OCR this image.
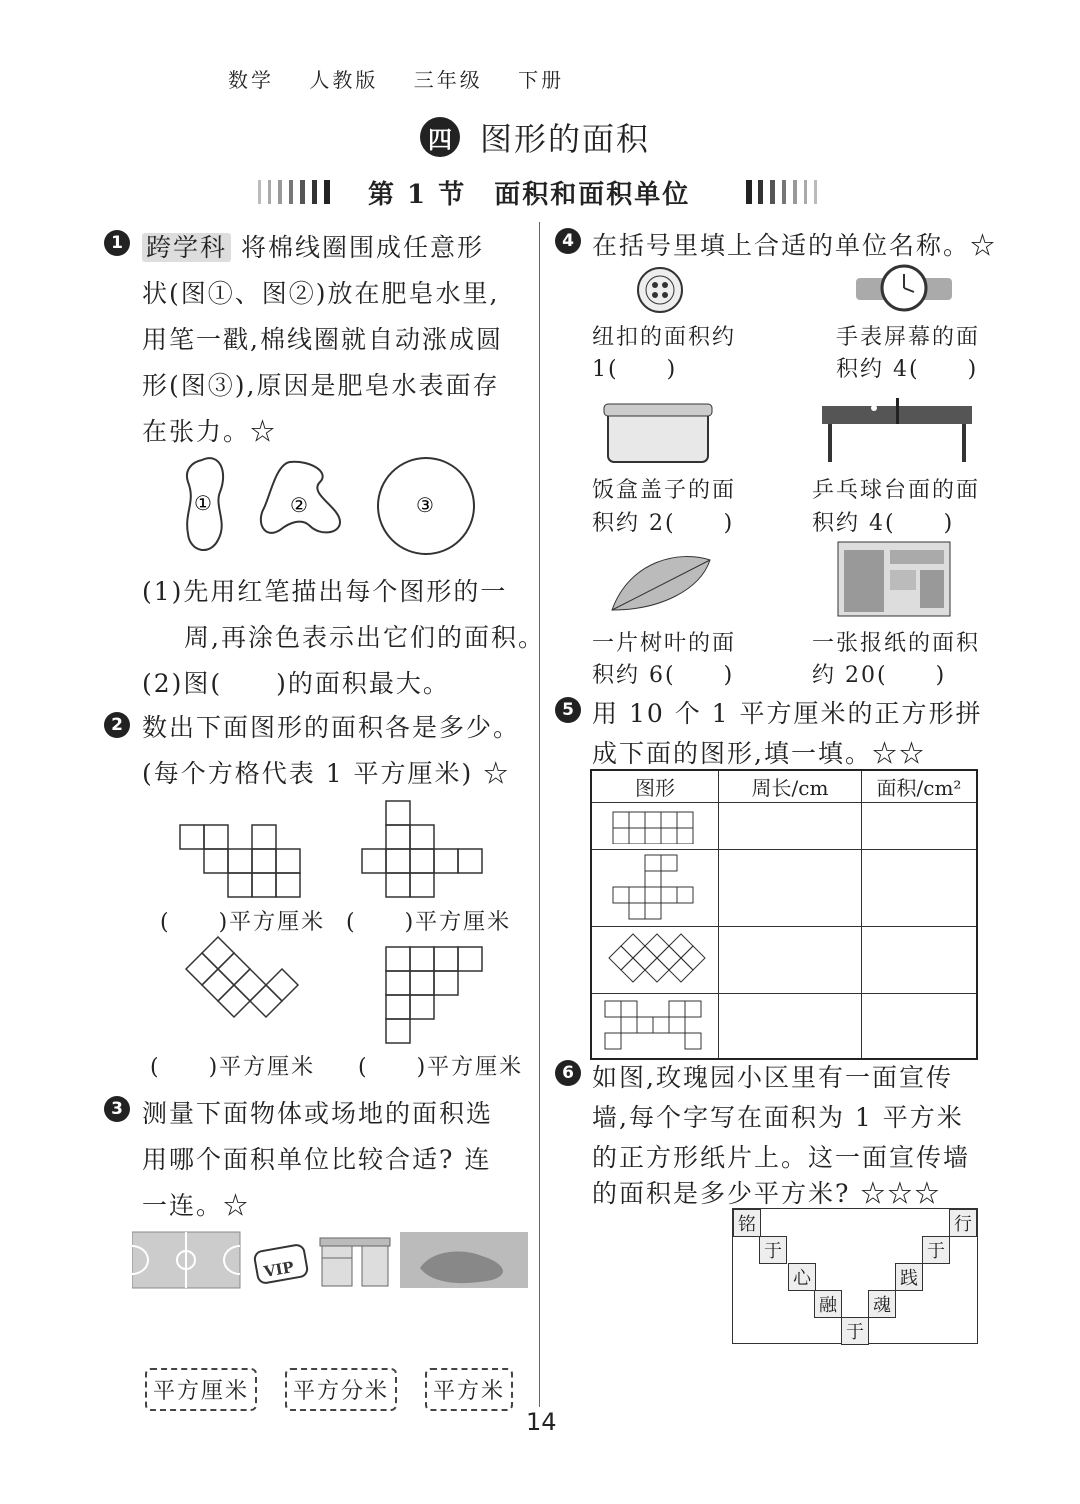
数学 人教版 三年级 下册
四 图形的面积
第 1 节　面积和面积单位
1 跨学科 将棉线圈围成任意形
状(图①、图②)放在肥皂水里,
用笔一戳,棉线圈就自动涨成圆
形(图③),原因是肥皂水表面存
在张力。☆
①	②	③
(1)先用红笔描出每个图形的一
周,再涂色表示出它们的面积。
(2)图(　　)的面积最大。
2 数出下面图形的面积各是多少。
(每个方格代表 1 平方厘米) ☆
(　　)平方厘米 (　　)平方厘米
(　　)平方厘米 (　　)平方厘米
3 测量下面物体或场地的面积选
用哪个面积单位比较合适? 连
一连。☆
VIP
平方厘米	平方分米	平方米
4 在括号里填上合适的单位名称。☆
纽扣的面积约
1(　　)
手表屏幕的面
积约 4(　　)
饭盒盖子的面
积约 2(　　)
乒乓球台面的面
积约 4(　　)
一片树叶的面
积约 6(　　)
一张报纸的面积
约 20(　　)
5 用 10 个 1 平方厘米的正方形拼
成下面的图形,填一填。☆☆
图形	周长/cm	面积/cm²

6 如图,玫瑰园小区里有一面宣传
墙,每个字写在面积为 1 平方米
的正方形纸片上。这一面宣传墙
的面积是多少平方米? ☆☆☆
铭
于
心
融
于
魂
践
于
行
14
